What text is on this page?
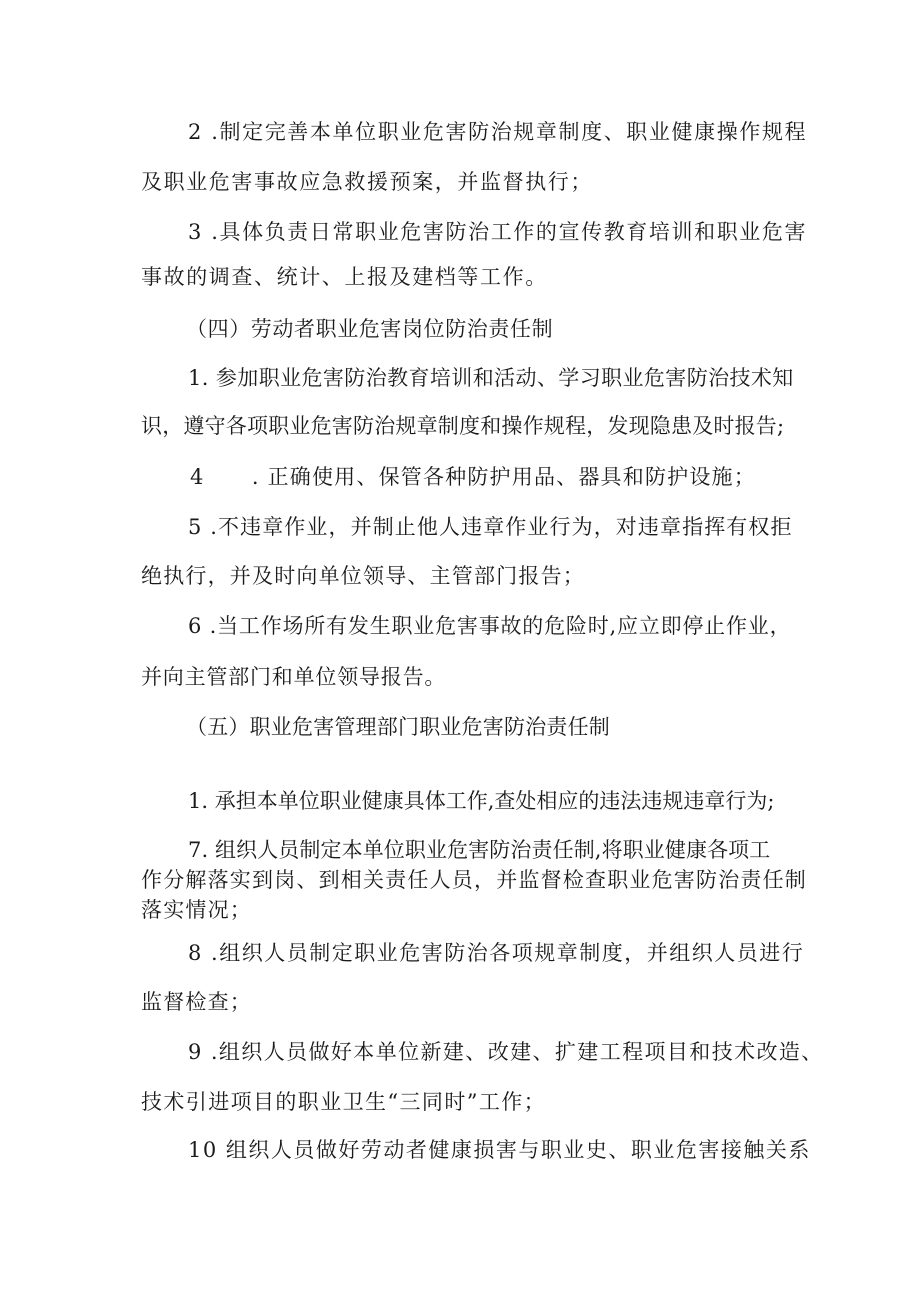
2 .制定完善本单位职业危害防治规章制度、职业健康操作规程
及职业危害事故应急救援预案，并监督执行；
3 .具体负责日常职业危害防治工作的宣传教育培训和职业危害
事故的调查、统计、上报及建档等工作。
（四）劳动者职业危害岗位防治责任制
1. 参加职业危害防治教育培训和活动、学习职业危害防治技术知
识，遵守各项职业危害防治规章制度和操作规程，发现隐患及时报告;
4      . 正确使用、保管各种防护用品、器具和防护设施；
5 .不违章作业，并制止他人违章作业行为，对违章指挥有权拒
绝执行，并及时向单位领导、主管部门报告；
6 .当工作场所有发生职业危害事故的危险时,应立即停止作业，
并向主管部门和单位领导报告。
（五）职业危害管理部门职业危害防治责任制
1. 承担本单位职业健康具体工作,查处相应的违法违规违章行为;
7. 组织人员制定本单位职业危害防治责任制,将职业健康各项工
作分解落实到岗、到相关责任人员，并监督检查职业危害防治责任制
落实情况；
8 .组织人员制定职业危害防治各项规章制度，并组织人员进行
监督检查；
9 .组织人员做好本单位新建、改建、扩建工程项目和技术改造、
技术引进项目的职业卫生“三同时”工作；
10 组织人员做好劳动者健康损害与职业史、职业危害接触关系
